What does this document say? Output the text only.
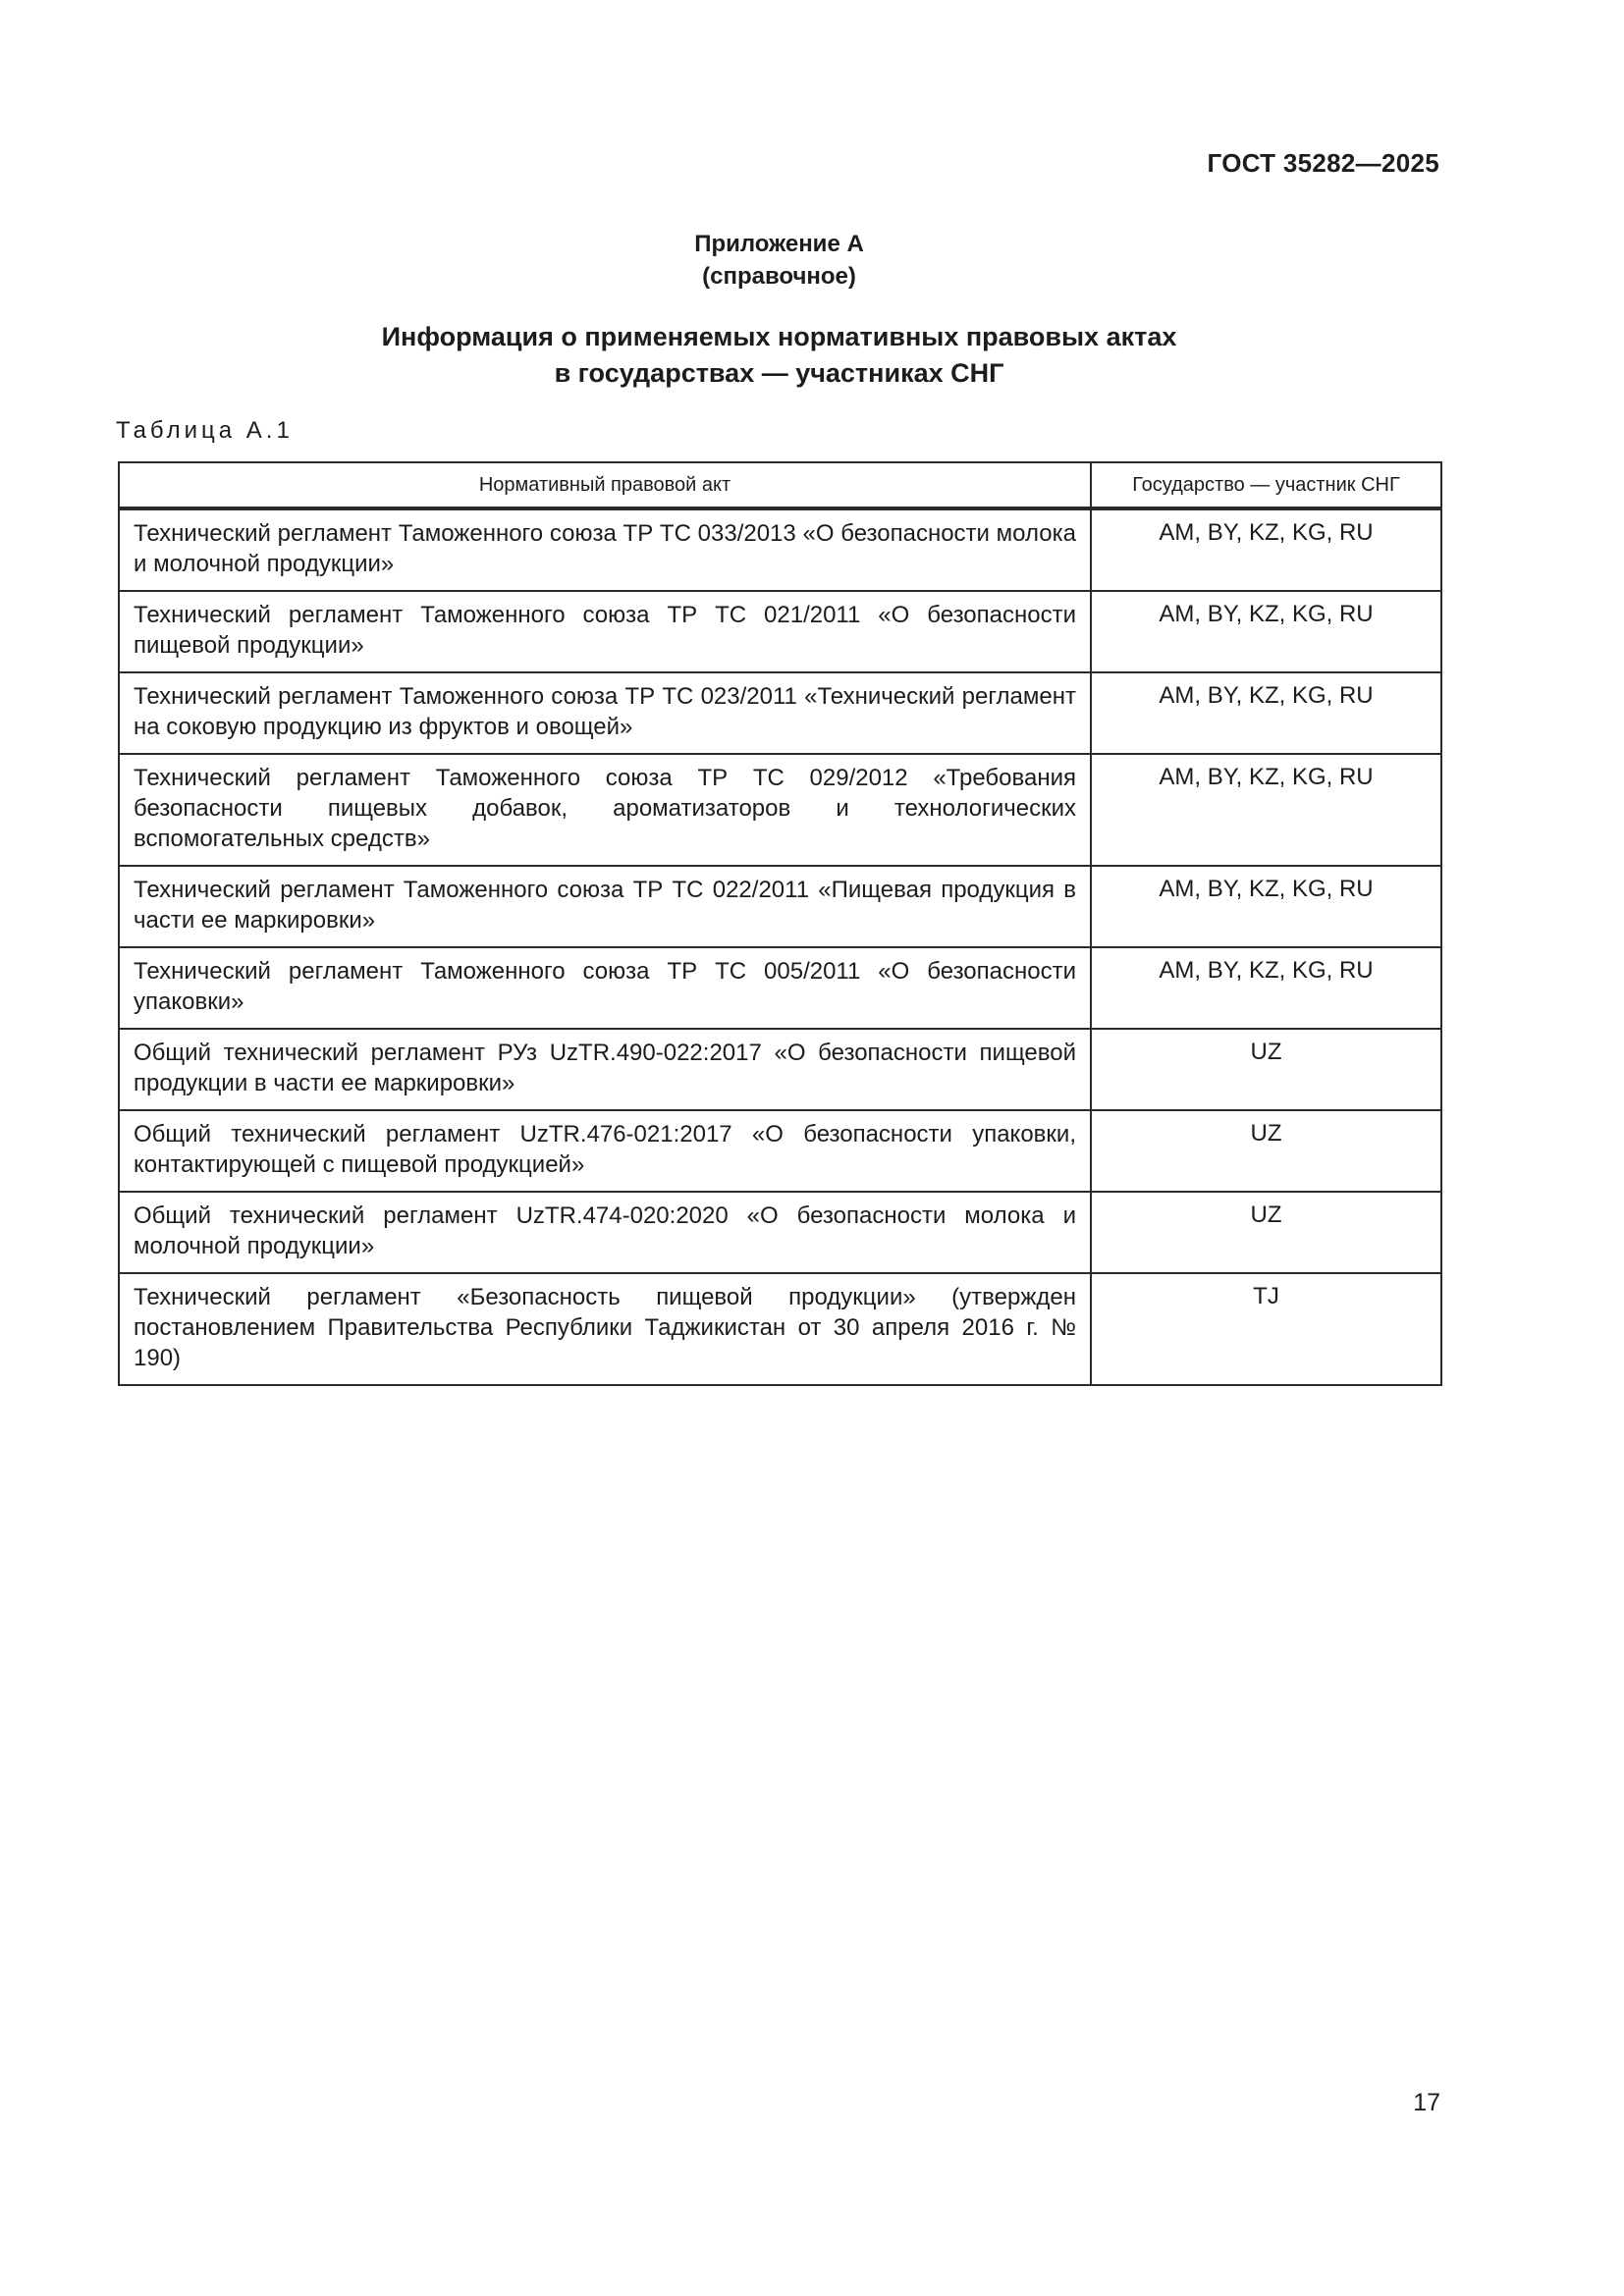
ГОСТ 35282—2025
Приложение А
(справочное)
Информация о применяемых нормативных правовых актах
в государствах — участниках СНГ
Таблица А.1
Нормативный правовой акт	Государство — участник СНГ
Технический регламент Таможенного союза ТР ТС 033/2013 «О безопасности молока и молочной продукции»	AM, BY, KZ, KG, RU
Технический регламент Таможенного союза ТР ТС 021/2011 «О безопасности пищевой продукции»	AM, BY, KZ, KG, RU
Технический регламент Таможенного союза ТР ТС 023/2011 «Технический регламент на соковую продукцию из фруктов и овощей»	AM, BY, KZ, KG, RU
Технический регламент Таможенного союза ТР ТС 029/2012 «Требования безопасности пищевых добавок, ароматизаторов и технологических вспомогательных средств»	AM, BY, KZ, KG, RU
Технический регламент Таможенного союза ТР ТС 022/2011 «Пищевая продукция в части ее маркировки»	AM, BY, KZ, KG, RU
Технический регламент Таможенного союза ТР ТС 005/2011 «О безопасности упаковки»	AM, BY, KZ, KG, RU
Общий технический регламент РУз UzTR.490-022:2017 «О безопасности пищевой продукции в части ее маркировки»	UZ
Общий технический регламент UzTR.476-021:2017 «О безопасности упаковки, контактирующей с пищевой продукцией»	UZ
Общий технический регламент UzTR.474-020:2020 «О безопасности молока и молочной продукции»	UZ
Технический регламент «Безопасность пищевой продукции» (утвержден постановлением Правительства Республики Таджикистан от 30 апреля 2016 г. № 190)	TJ
17
